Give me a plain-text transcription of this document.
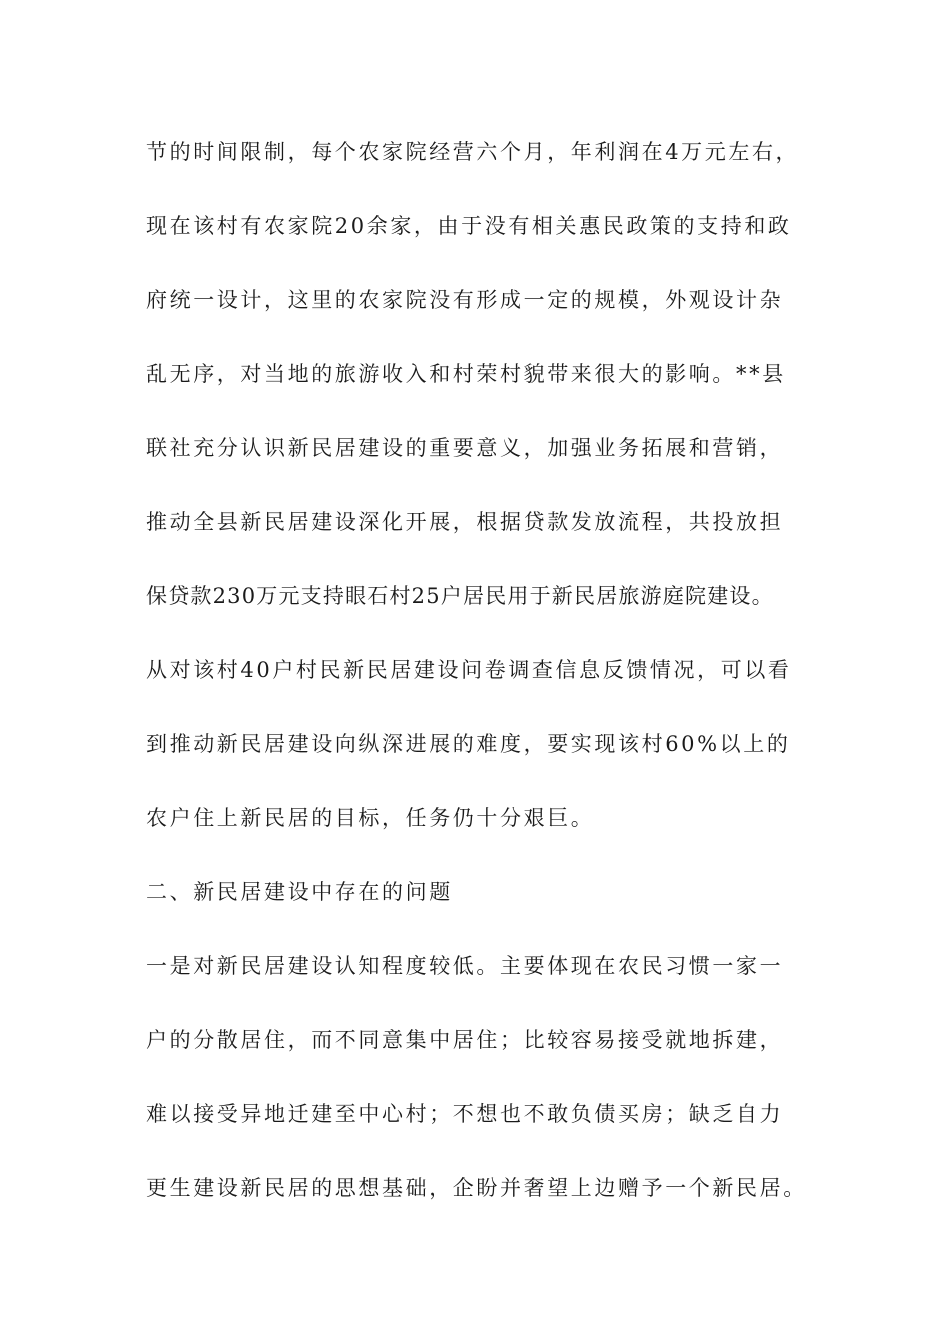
节的时间限制，每个农家院经营六个月，年利润在4万元左右，
现在该村有农家院20余家，由于没有相关惠民政策的支持和政
府统一设计，这里的农家院没有形成一定的规模，外观设计杂
乱无序，对当地的旅游收入和村荣村貌带来很大的影响。**县
联社充分认识新民居建设的重要意义，加强业务拓展和营销，
推动全县新民居建设深化开展，根据贷款发放流程，共投放担
保贷款230万元支持眼石村25户居民用于新民居旅游庭院建设。
从对该村40户村民新民居建设问卷调查信息反馈情况，可以看
到推动新民居建设向纵深进展的难度，要实现该村60%以上的
农户住上新民居的目标，任务仍十分艰巨。
二、新民居建设中存在的问题
一是对新民居建设认知程度较低。主要体现在农民习惯一家一
户的分散居住，而不同意集中居住；比较容易接受就地拆建，
难以接受异地迁建至中心村；不想也不敢负债买房；缺乏自力
更生建设新民居的思想基础，企盼并奢望上边赠予一个新民居。
